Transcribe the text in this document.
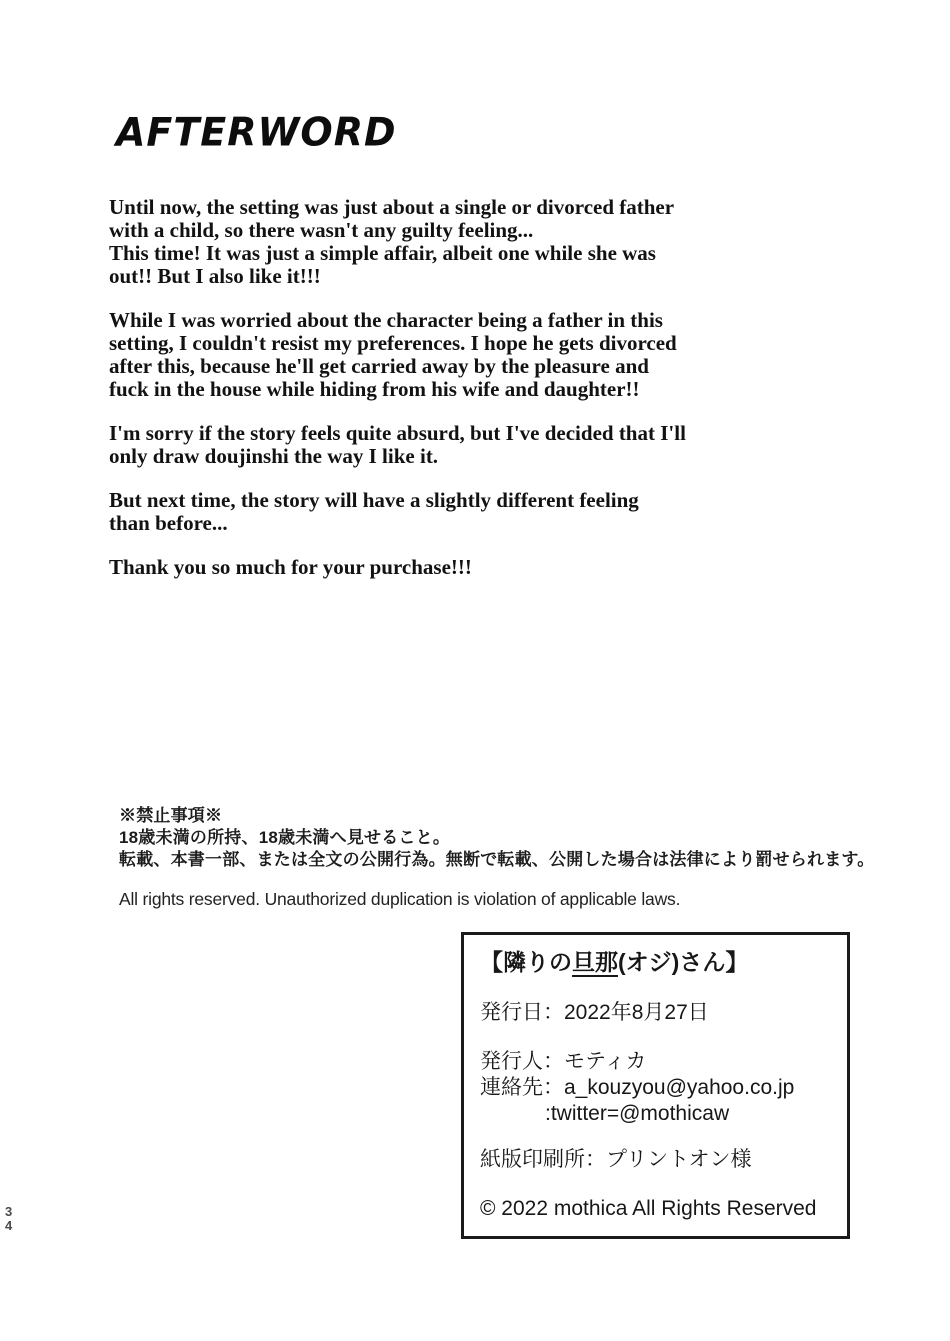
AFTERWORD
Until now, the setting was just about a single or divorced father
with a child, so there wasn't any guilty feeling...
This time! It was just a simple affair, albeit one while she was
out!! But I also like it!!!
While I was worried about the character being a father in this
setting, I couldn't resist my preferences. I hope he gets divorced
after this, because he'll get carried away by the pleasure and
fuck in the house while hiding from his wife and daughter!!
I'm sorry if the story feels quite absurd, but I've decided that I'll
only draw doujinshi the way I like it.
But next time, the story will have a slightly different feeling
than before...
Thank you so much for your purchase!!!
※禁止事項※
18歳未満の所持、18歳未満へ見せること。
転載、本書一部、または全文の公開行為。無断で転載、公開した場合は法律により罰せられます。
All rights reserved. Unauthorized duplication is violation of applicable laws.
【隣りの旦那(オジ)さん】
発行日：2022年8月27日
発行人：モティカ
連絡先：a_kouzyou@yahoo.co.jp
:twitter=@mothicaw
紙版印刷所：プリントオン様
© 2022 mothica All Rights Reserved
3
4
